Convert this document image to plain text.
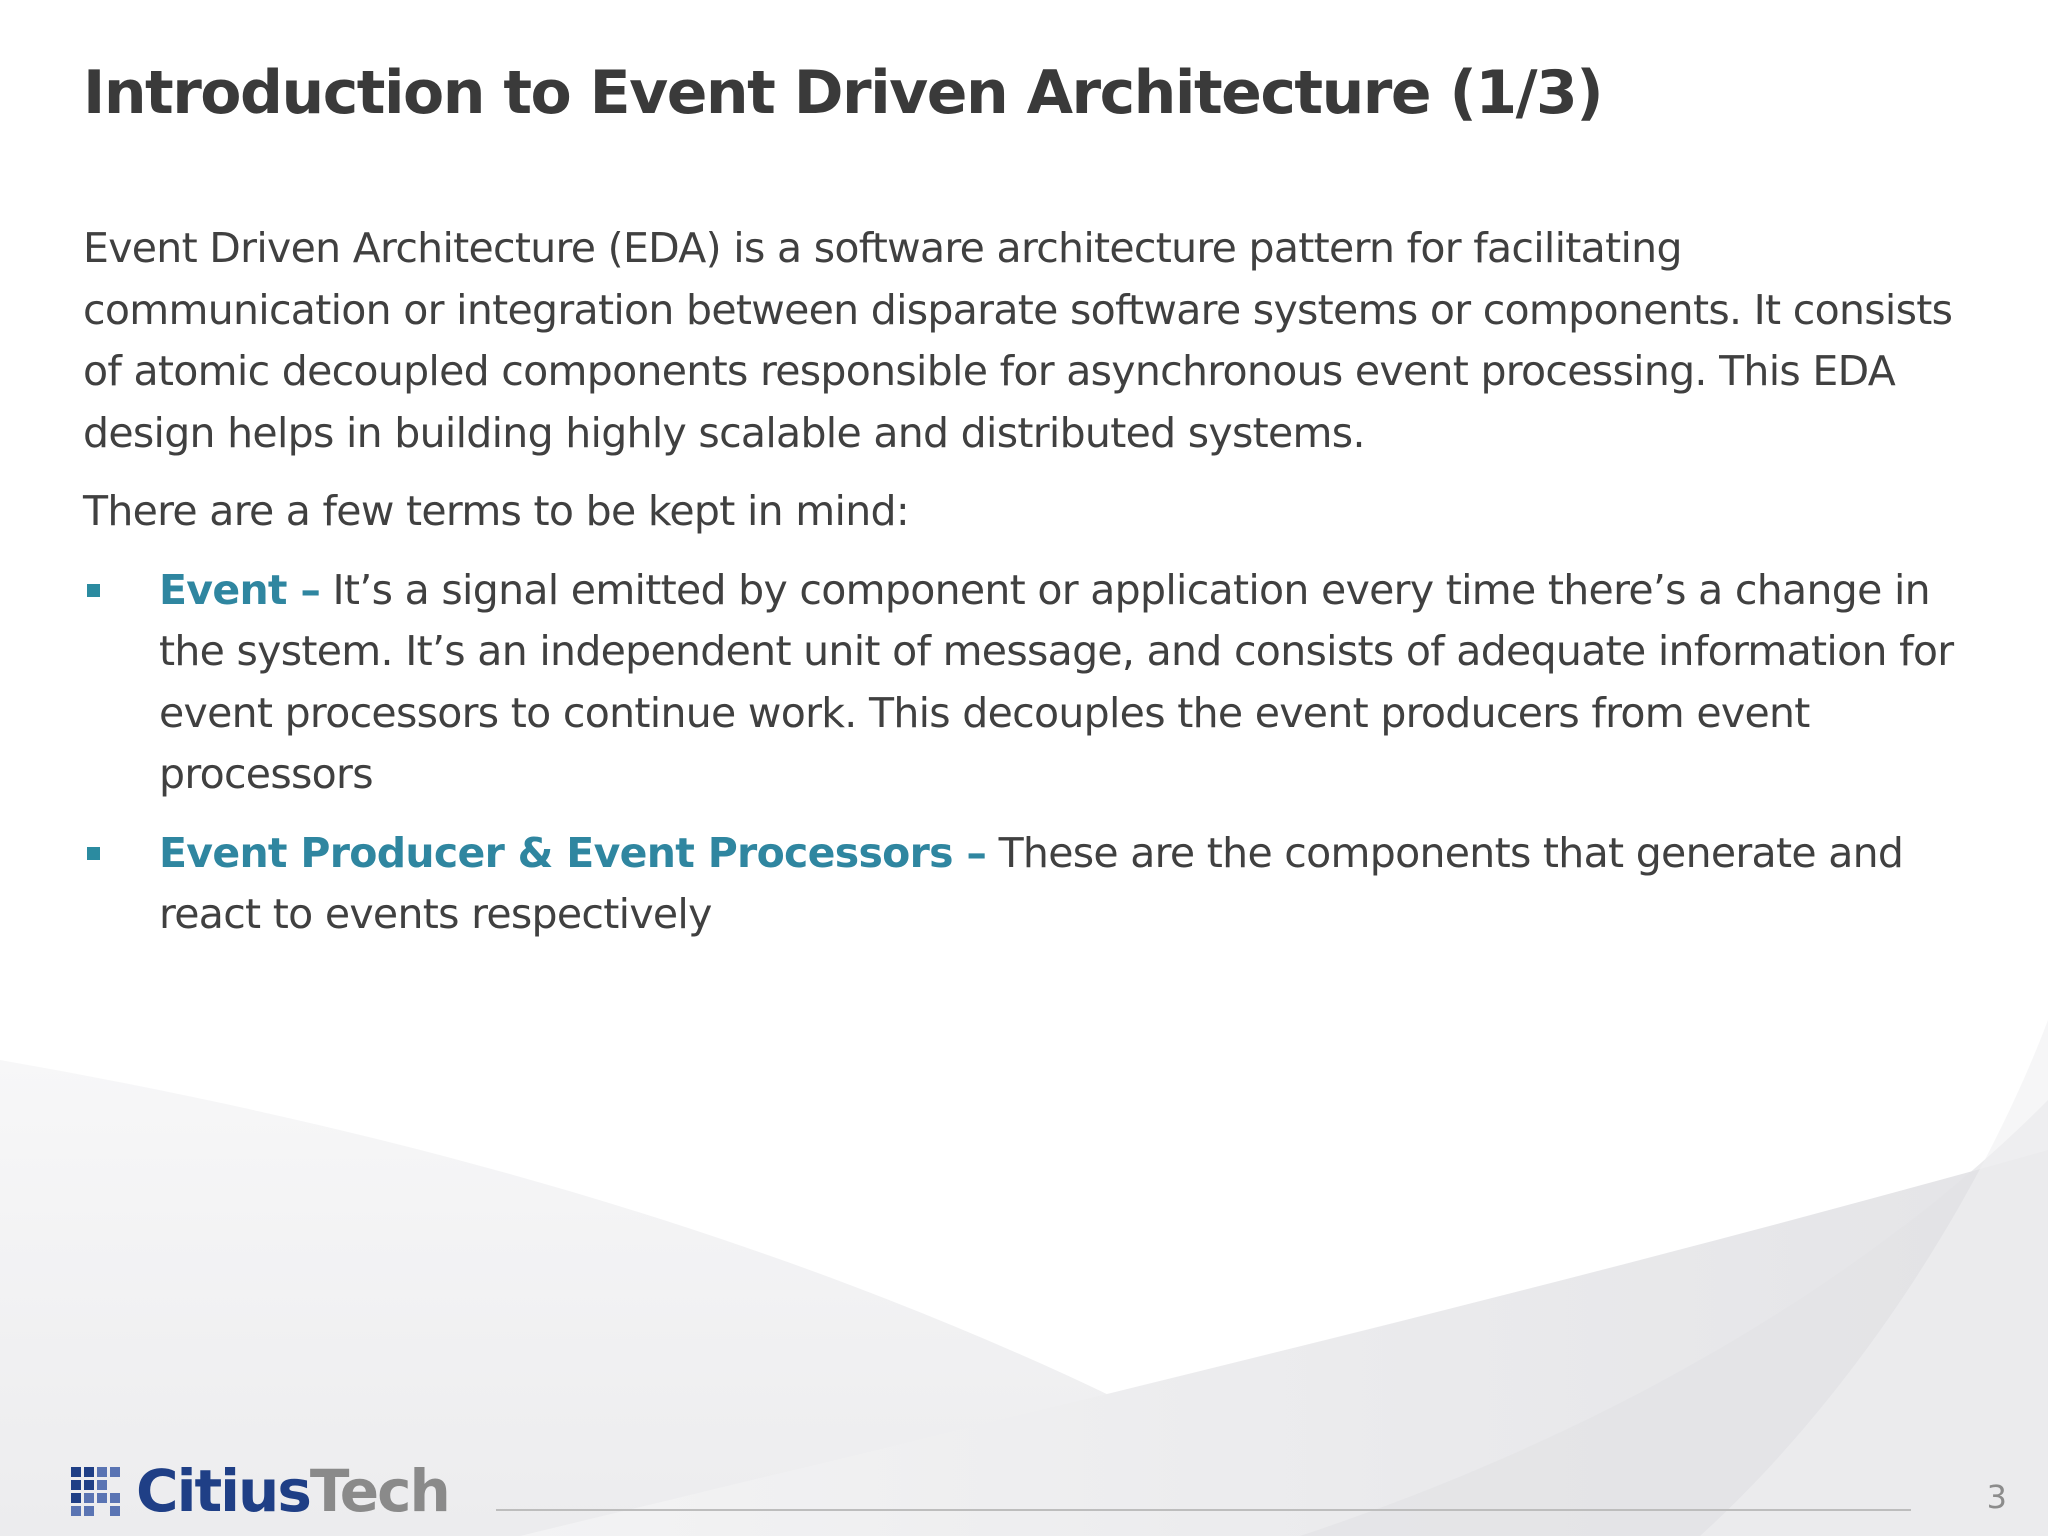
Introduction to Event Driven Architecture (1/3)

Event Driven Architecture (EDA) is a software architecture pattern for facilitating communication or integration between disparate software systems or components. It consists of atomic decoupled components responsible for asynchronous event processing. This EDA design helps in building highly scalable and distributed systems.

There are a few terms to be kept in mind:

Event – It’s a signal emitted by component or application every time there’s a change in the system. It’s an independent unit of message, and consists of adequate information for event processors to continue work. This decouples the event producers from event processors
Event Producer & Event Processors – These are the components that generate and react to events respectively
CitiusTech	3
